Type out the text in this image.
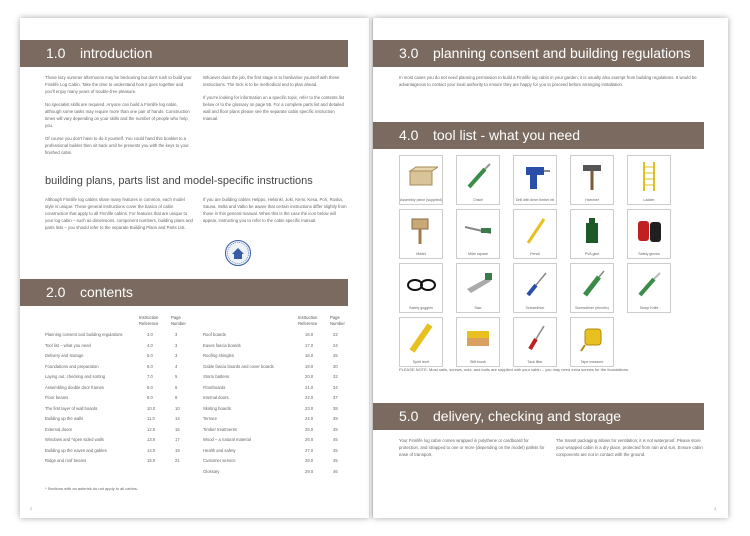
1.0 introduction

Those lazy summer afternoons may be beckoning but don't rush to build your Finnlife Log Cabin. Take the time to understand how it goes together and you'll enjoy many years of trouble-free pleasure.

No specialist skills are required. Anyone can build a Finnlife log cabin, although some tasks may require more than one pair of hands. Construction times will vary depending on your skills and the number of people who help you.

Of course you don't have to do it yourself. You could hand this booklet to a professional builder then sit back until he presents you with the keys to your finished cabin.

Whoever does the job, the first stage is to familiarise yourself with these instructions. The trick is to be methodical and to plan ahead.

If you're looking for information on a specific topic, refer to the contents list below or to the glossary on page 55. For a complete parts list and detailed wall and floor plans please see the separate cabin specific instruction manual.

building plans, parts list and model-specific instructions

Although Finnlife log cabins share many features in common, each model style is unique. These general instructions cover the basics of cabin construction that apply to all Finnlife cabins. For features that are unique to your log cabin – such as dimensions, component numbers, building plans and parts lists – you should refer to the separate Building Plans and Parts List.

If you are building cabins Helppo, Helsinki, Joki, Kemi, Kesa, Pori, Ruska, Sauna, Selta and Valko be aware that certain instructions differ slightly from those in this general manual. When this is the case the icon below will appear, instructing you to refer to the cabin specific manual.

2.0 contents
Instruction
Reference
Page
Number
Instruction
Reference
Page
Number
Planning consent and building regulations	3.0	3
Tool list – what you need	4.0	3
Delivery and storage	5.0	3
Foundations and preparation	6.0	4
Laying out, checking and sorting	7.0	5
Assembling double door frames	8.0	6
Floor beams	9.0	8
The first layer of wall boards	10.0	10
Building up the walls	11.0	14
External doors	12.0	16
Windows and *open sided walls	13.0	17
Building up the eaves and gables	14.0	19
Ridge and roof beams	15.0	21
Roof boards	16.0	22
Eaves fascia boards	17.0	24
Roofing shingles	18.0	25
Gable fascia boards and cover boards	19.0	30
Storm battens	20.0	32
Floorboards	21.0	34
Internal doors	22.0	37
Skirting boards	23.0	38
Terrace	24.0	39
Timber treatments	25.0	45
Wood – a natural material	26.0	45
Health and safety	27.0	45
Customer service	28.0	45
Glossary	29.0	46
* Sections with an asterisk do not apply to all cabins.
2
3.0 planning consent and building regulations

In most cases you do not need planning permission to build a Finnlife log cabin in your garden; it is usually also exempt from building regulations. It would be advantageous to contact your local authority to ensure they are happy for you to proceed before arranging installation.

4.0 tool list - what you need
Assembly piece (supplied)	Chisel	Drill with 6mm timber bit	Hammer	Ladder
Mallet	Mitre square	Pencil	PVA glue	Safety gloves
Safety goggles	Saw	Screwdriver	Screwdriver (electric)	Sharp Knife
Spirit level	Stiff brush	Tack lifter	Tape measure
PLEASE NOTE: Most nails, screws, nuts, and bolts are supplied with your cabin – you may need extra screws for the foundations.
5.0 delivery, checking and storage

Your Finnlife log cabin comes wrapped in polythene or cardboard for protection, and strapped to one or more (depending on the model) pallets for ease of transport.

The transit packaging allows for ventilation; it is not waterproof. Please store your wrapped cabin in a dry place, protected from rain and sun. Ensure cabin components are not in contact with the ground.

3
